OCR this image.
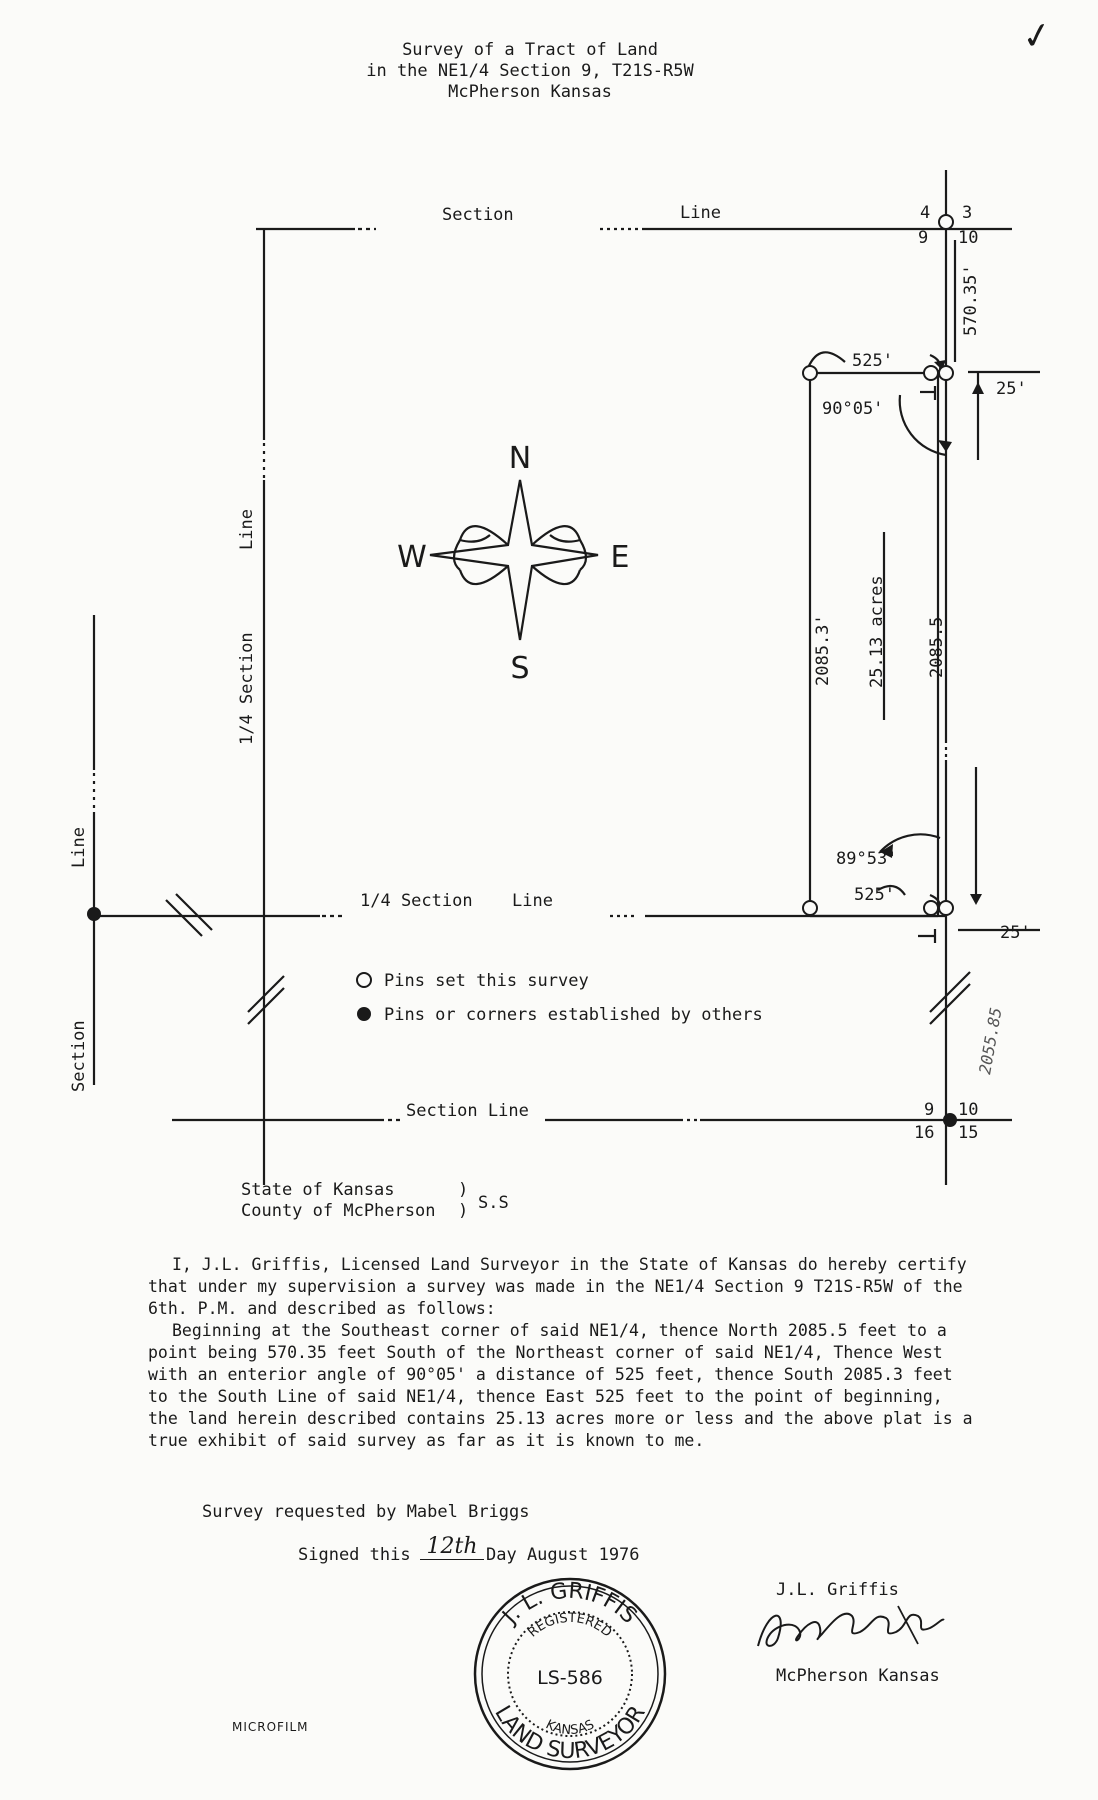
Survey of a Tract of Land
in the NE1/4 Section 9, T21S-R5W
McPherson Kansas
✓
N
E
S
W
Section	Line	4 3
9 10
570.35'
525'
90°05'
25'
1/4 Section
Line
Line
Section
2085.3' 25.13 acres 2085.5
89°53'
525'
25'
1/4 Section Line
Pins set this survey
Pins or corners established by others
Section Line	9 10
16 15
2055.85
State of Kansas	)
County of McPherson ) S.S

I, J.L. Griffis, Licensed Land Surveyor in the State of Kansas do hereby certify that under my supervision a survey was made in the NE1/4 Section 9 T21S-R5W of the 6th. P.M. and described as follows:

Beginning at the Southeast corner of said NE1/4, thence North 2085.5 feet to a point being 570.35 feet South of the Northeast corner of said NE1/4, Thence West with an enterior angle of 90°05' a distance of 525 feet, thence South 2085.3 feet to the South Line of said NE1/4, thence East 525 feet to the point of beginning, the land herein described contains 25.13 acres more or less and the above plat is a true exhibit of said survey as far as it is known to me.

Survey requested by Mabel Briggs
Signed this 12th Day August 1976
J. L. GRIFFIS
LAND SURVEYOR
REGISTERED
LS-586
KANSAS
J.L. Griffis
McPherson Kansas
MICROFILM
